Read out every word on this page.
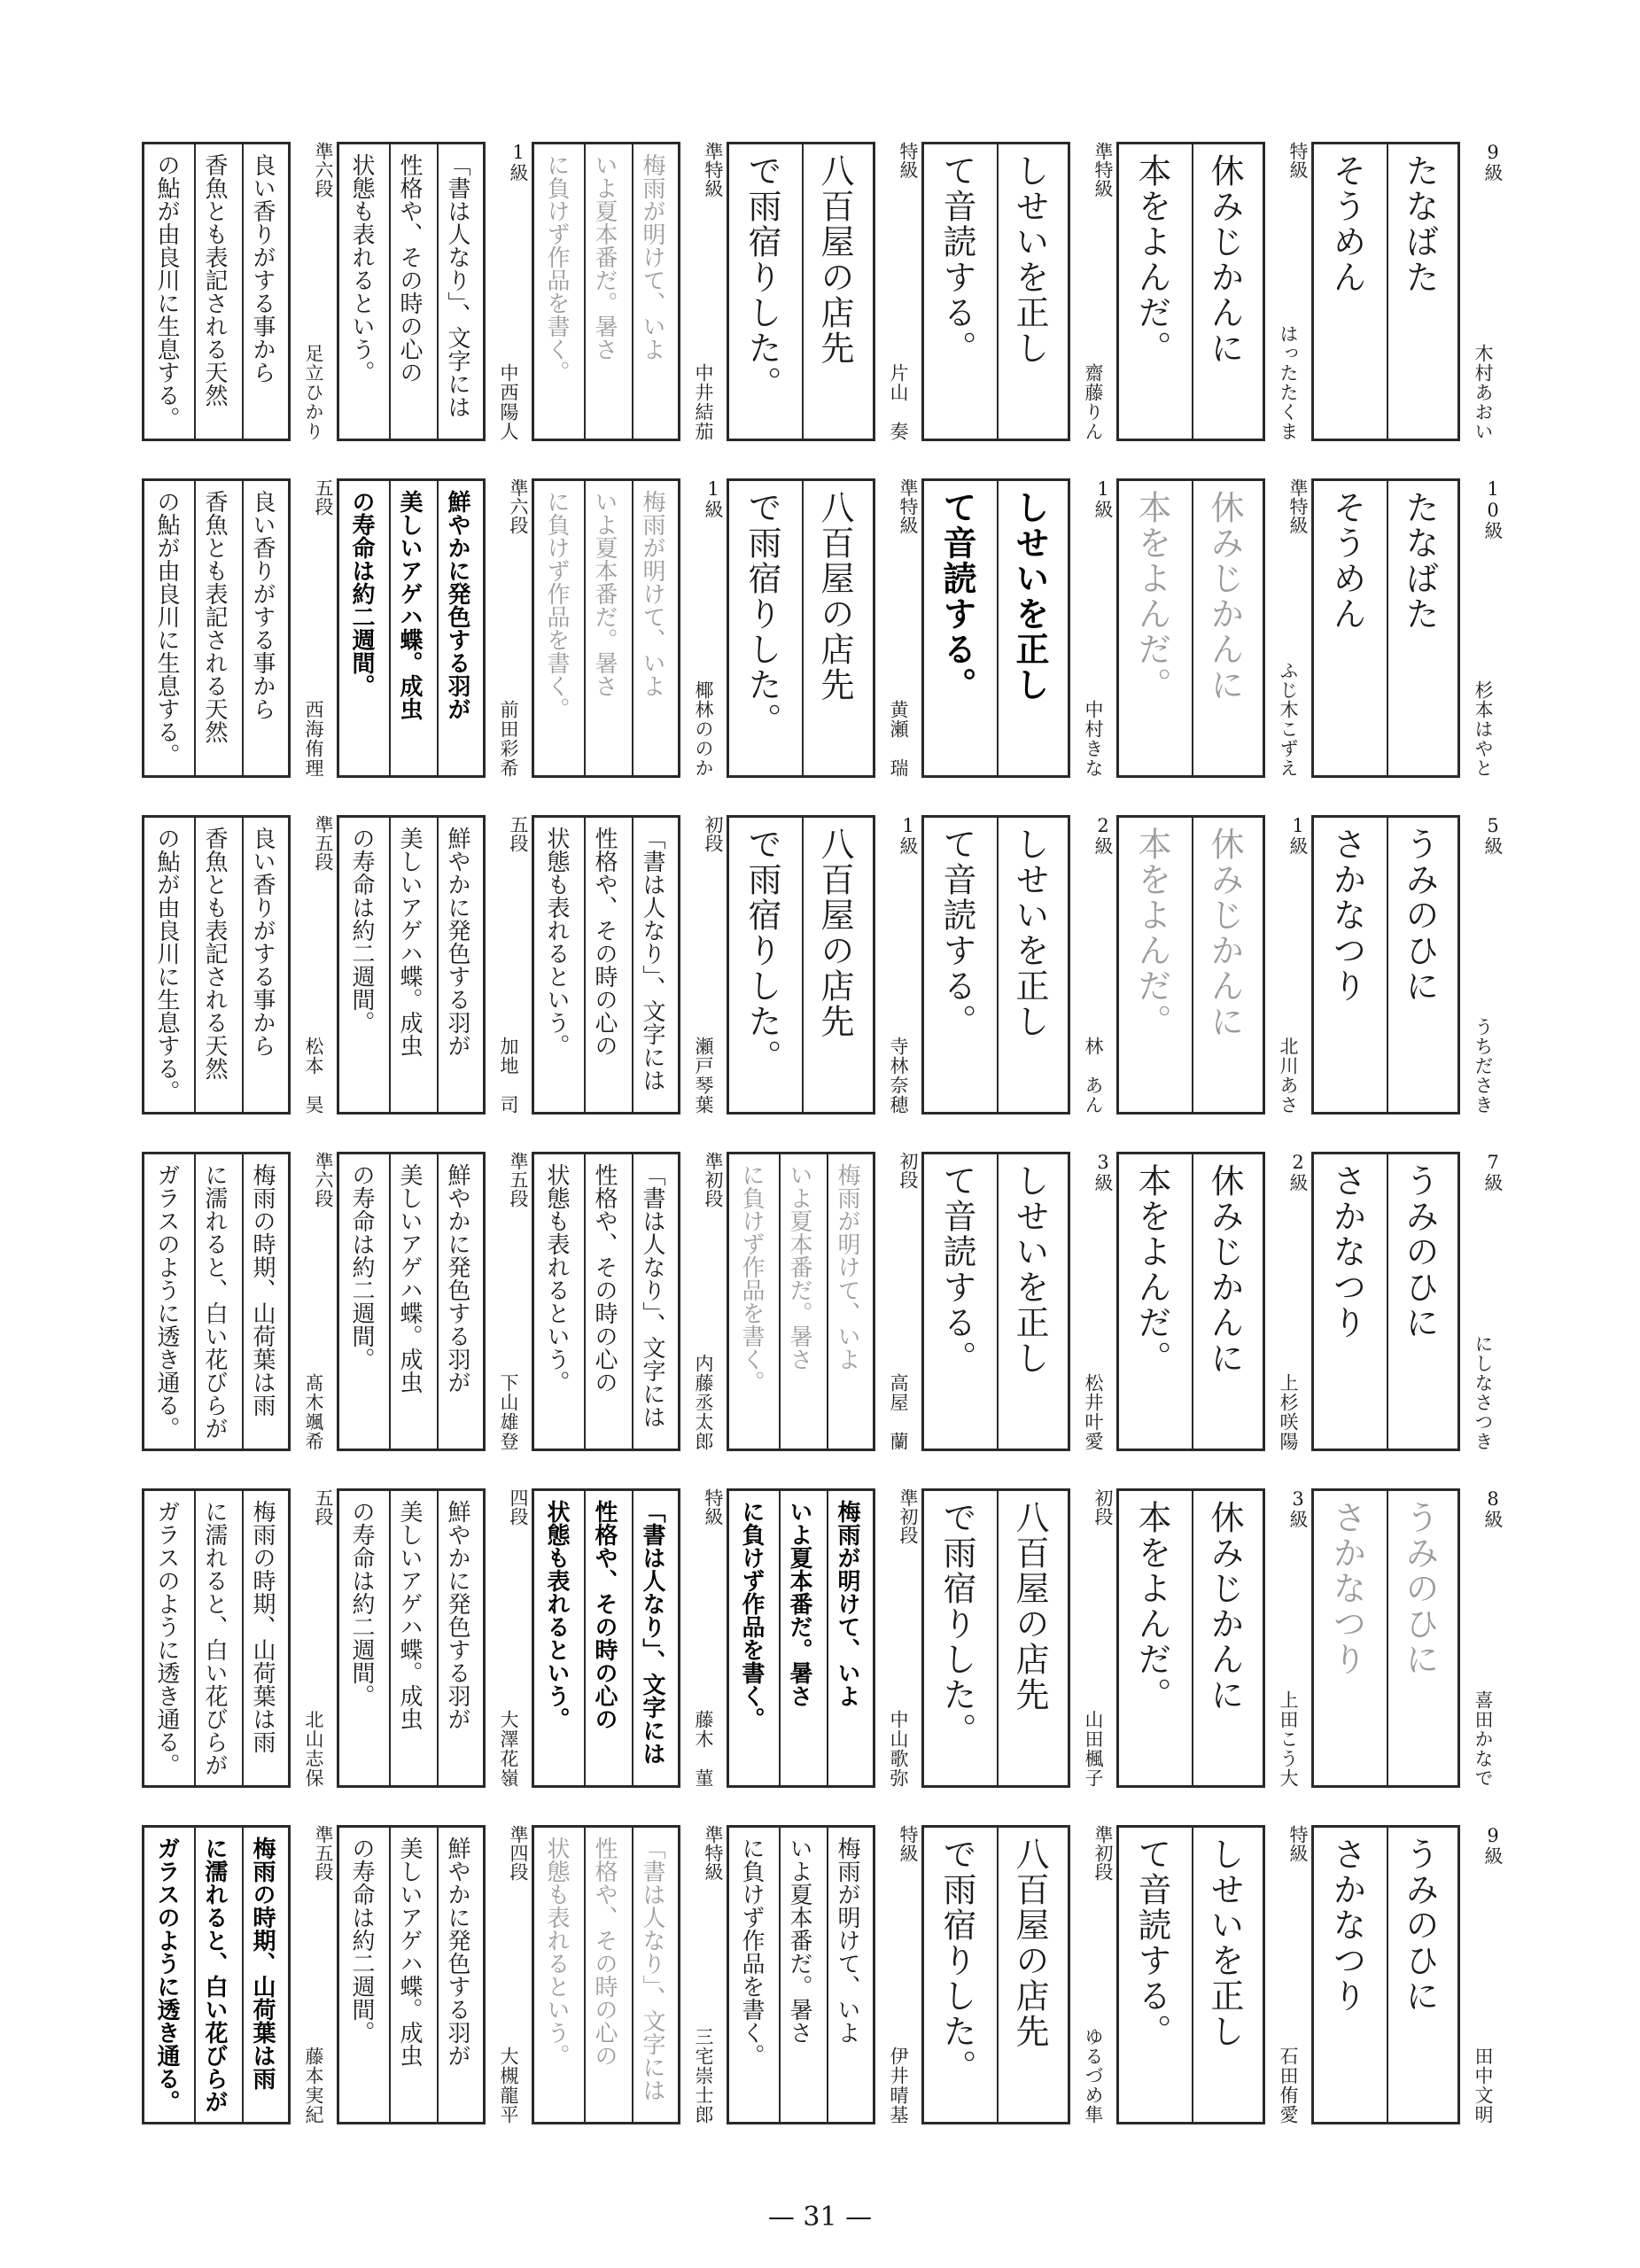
たなばた
そうめん	9級
木村あおい
休みじかんに
本をよんだ。	特級
はったたくま
しせいを正し
て音読する。	準特級
齋藤りん
八百屋の店先
で雨宿りした。	特級
片山　奏
梅雨が明けて、いよ
いよ夏本番だ。暑さ
に負けず作品を書く。	準特級
中井結茄
「書は人なり」、文字には
性格や、その時の心の
状態も表れるという。	1級
中西陽人
良い香りがする事から
香魚とも表記される天然
の鮎が由良川に生息する。	準六段
足立ひかり
たなばた
そうめん	10級
杉本はやと
休みじかんに
本をよんだ。	準特級
ふじ木こずえ
しせいを正し
て音読する。	1級
中村きな
八百屋の店先
で雨宿りした。	準特級
黄瀬　瑞
梅雨が明けて、いよ
いよ夏本番だ。暑さ
に負けず作品を書く。	1級
椰林ののか
鮮やかに発色する羽が
美しいアゲハ蝶。成虫
の寿命は約二週間。	準六段
前田彩希
良い香りがする事から
香魚とも表記される天然
の鮎が由良川に生息する。	五段
西海侑理
うみのひに
さかなつり	5級
うちださき
休みじかんに
本をよんだ。	1級
北川あさ
しせいを正し
て音読する。	2級
林　あん
八百屋の店先
で雨宿りした。	1級
寺林奈穂
「書は人なり」、文字には
性格や、その時の心の
状態も表れるという。	初段
瀬戸琴葉
鮮やかに発色する羽が
美しいアゲハ蝶。成虫
の寿命は約二週間。	五段
加地　司
良い香りがする事から
香魚とも表記される天然
の鮎が由良川に生息する。	準五段
松本　昊
うみのひに
さかなつり	7級
にしなさつき
休みじかんに
本をよんだ。	2級
上杉咲陽
しせいを正し
て音読する。	3級
松井叶愛
梅雨が明けて、いよ
いよ夏本番だ。暑さ
に負けず作品を書く。	初段
高屋　蘭
「書は人なり」、文字には
性格や、その時の心の
状態も表れるという。	準初段
内藤丞太郎
鮮やかに発色する羽が
美しいアゲハ蝶。成虫
の寿命は約二週間。	準五段
下山雄登
梅雨の時期、山荷葉は雨
に濡れると、白い花びらが
ガラスのように透き通る。	準六段
髙木颯希
うみのひに
さかなつり	8級
喜田かなで
休みじかんに
本をよんだ。	3級
上田こう大
八百屋の店先
で雨宿りした。	初段
山田楓子
梅雨が明けて、いよ
いよ夏本番だ。暑さ
に負けず作品を書く。	準初段
中山歌弥
「書は人なり」、文字には
性格や、その時の心の
状態も表れるという。	特級
藤木　菫
鮮やかに発色する羽が
美しいアゲハ蝶。成虫
の寿命は約二週間。	四段
大澤花嶺
梅雨の時期、山荷葉は雨
に濡れると、白い花びらが
ガラスのように透き通る。	五段
北山志保
うみのひに
さかなつり	9級
田中文明
しせいを正し
て音読する。	特級
石田侑愛
八百屋の店先
で雨宿りした。	準初段
ゆるづめ隼
梅雨が明けて、いよ
いよ夏本番だ。暑さ
に負けず作品を書く。	特級
伊井晴基
「書は人なり」、文字には
性格や、その時の心の
状態も表れるという。	準特級
三宅崇士郎
鮮やかに発色する羽が
美しいアゲハ蝶。成虫
の寿命は約二週間。	準四段
大槻龍平
梅雨の時期、山荷葉は雨
に濡れると、白い花びらが
ガラスのように透き通る。	準五段
藤本実紀
— 31 —
